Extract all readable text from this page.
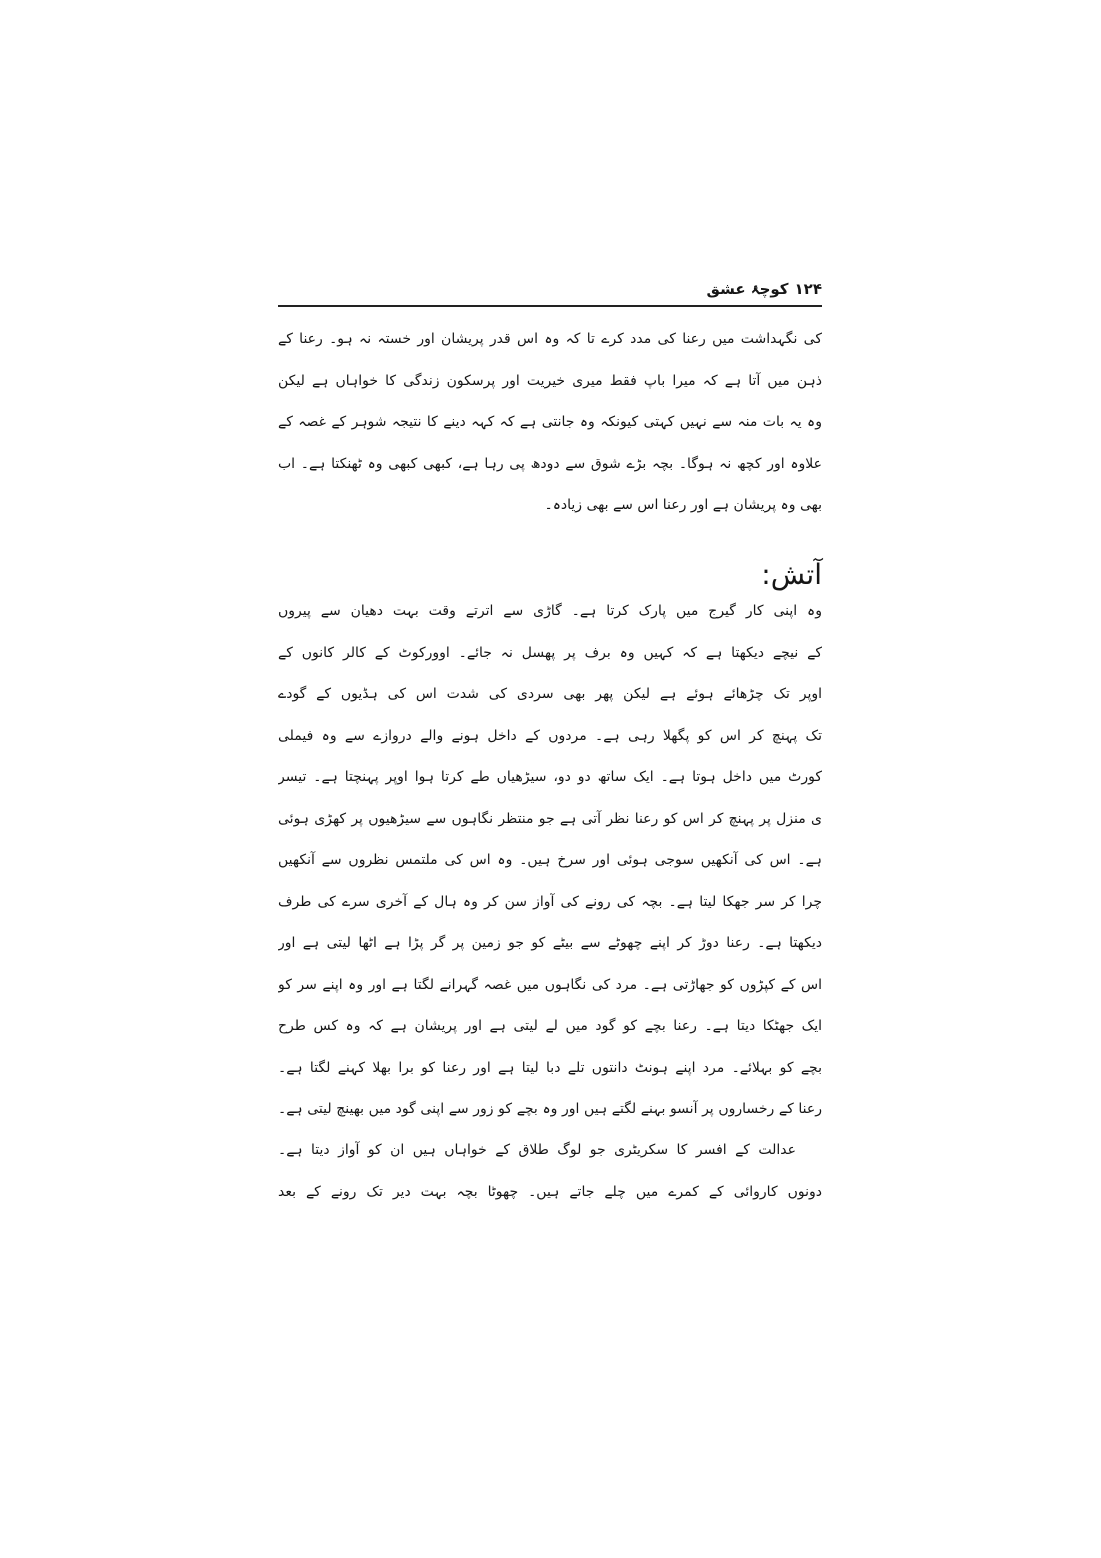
۱۲۴کوچۂ عشق
کی نگہداشت میں رعنا کی مدد کرے تا کہ وہ اس قدر پریشان اور خستہ نہ ہو۔ رعنا کے
ذہن میں آتا ہے کہ میرا باپ فقط میری خیریت اور پرسکون زندگی کا خواہاں ہے لیکن
وہ یہ بات منہ سے نہیں کہتی کیونکہ وہ جانتی ہے کہ کہہ دینے کا نتیجہ شوہر کے غصہ کے
علاوہ اور کچھ نہ ہوگا۔ بچہ بڑے شوق سے دودھ پی رہا ہے، کبھی کبھی وہ ٹھنکتا ہے۔ اب
بھی وہ پریشان ہے اور رعنا اس سے بھی زیادہ۔
آتش:
وہ اپنی کار گیرج میں پارک کرتا ہے۔ گاڑی سے اترتے وقت بہت دھیان سے پیروں
کے نیچے دیکھتا ہے کہ کہیں وہ برف پر پھسل نہ جائے۔ اوورکوٹ کے کالر کانوں کے
اوپر تک چڑھائے ہوئے ہے لیکن پھر بھی سردی کی شدت اس کی ہڈیوں کے گودے
تک پہنچ کر اس کو پگھلا رہی ہے۔ مردوں کے داخل ہونے والے دروازے سے وہ فیملی
کورٹ میں داخل ہوتا ہے۔ ایک ساتھ دو دو، سیڑھیاں طے کرتا ہوا اوپر پہنچتا ہے۔ تیسر
ی منزل پر پہنچ کر اس کو رعنا نظر آتی ہے جو منتظر نگاہوں سے سیڑھیوں پر کھڑی ہوئی
ہے۔ اس کی آنکھیں سوجی ہوئی اور سرخ ہیں۔ وہ اس کی ملتمس نظروں سے آنکھیں
چرا کر سر جھکا لیتا ہے۔ بچہ کی رونے کی آواز سن کر وہ ہال کے آخری سرے کی طرف
دیکھتا ہے۔ رعنا دوڑ کر اپنے چھوٹے سے بیٹے کو جو زمین پر گر پڑا ہے اٹھا لیتی ہے اور
اس کے کپڑوں کو جھاڑتی ہے۔ مرد کی نگاہوں میں غصہ گہرانے لگتا ہے اور وہ اپنے سر کو
ایک جھٹکا دیتا ہے۔ رعنا بچے کو گود میں لے لیتی ہے اور پریشان ہے کہ وہ کس طرح
بچے کو بہلائے۔ مرد اپنے ہونٹ دانتوں تلے دبا لیتا ہے اور رعنا کو برا بھلا کہنے لگتا ہے۔
رعنا کے رخساروں پر آنسو بہنے لگتے ہیں اور وہ بچے کو زور سے اپنی گود میں بھینچ لیتی ہے۔
عدالت کے افسر کا سکریٹری جو لوگ طلاق کے خواہاں ہیں ان کو آواز دیتا ہے۔
دونوں کاروائی کے کمرے میں چلے جاتے ہیں۔ چھوٹا بچہ بہت دیر تک رونے کے بعد
